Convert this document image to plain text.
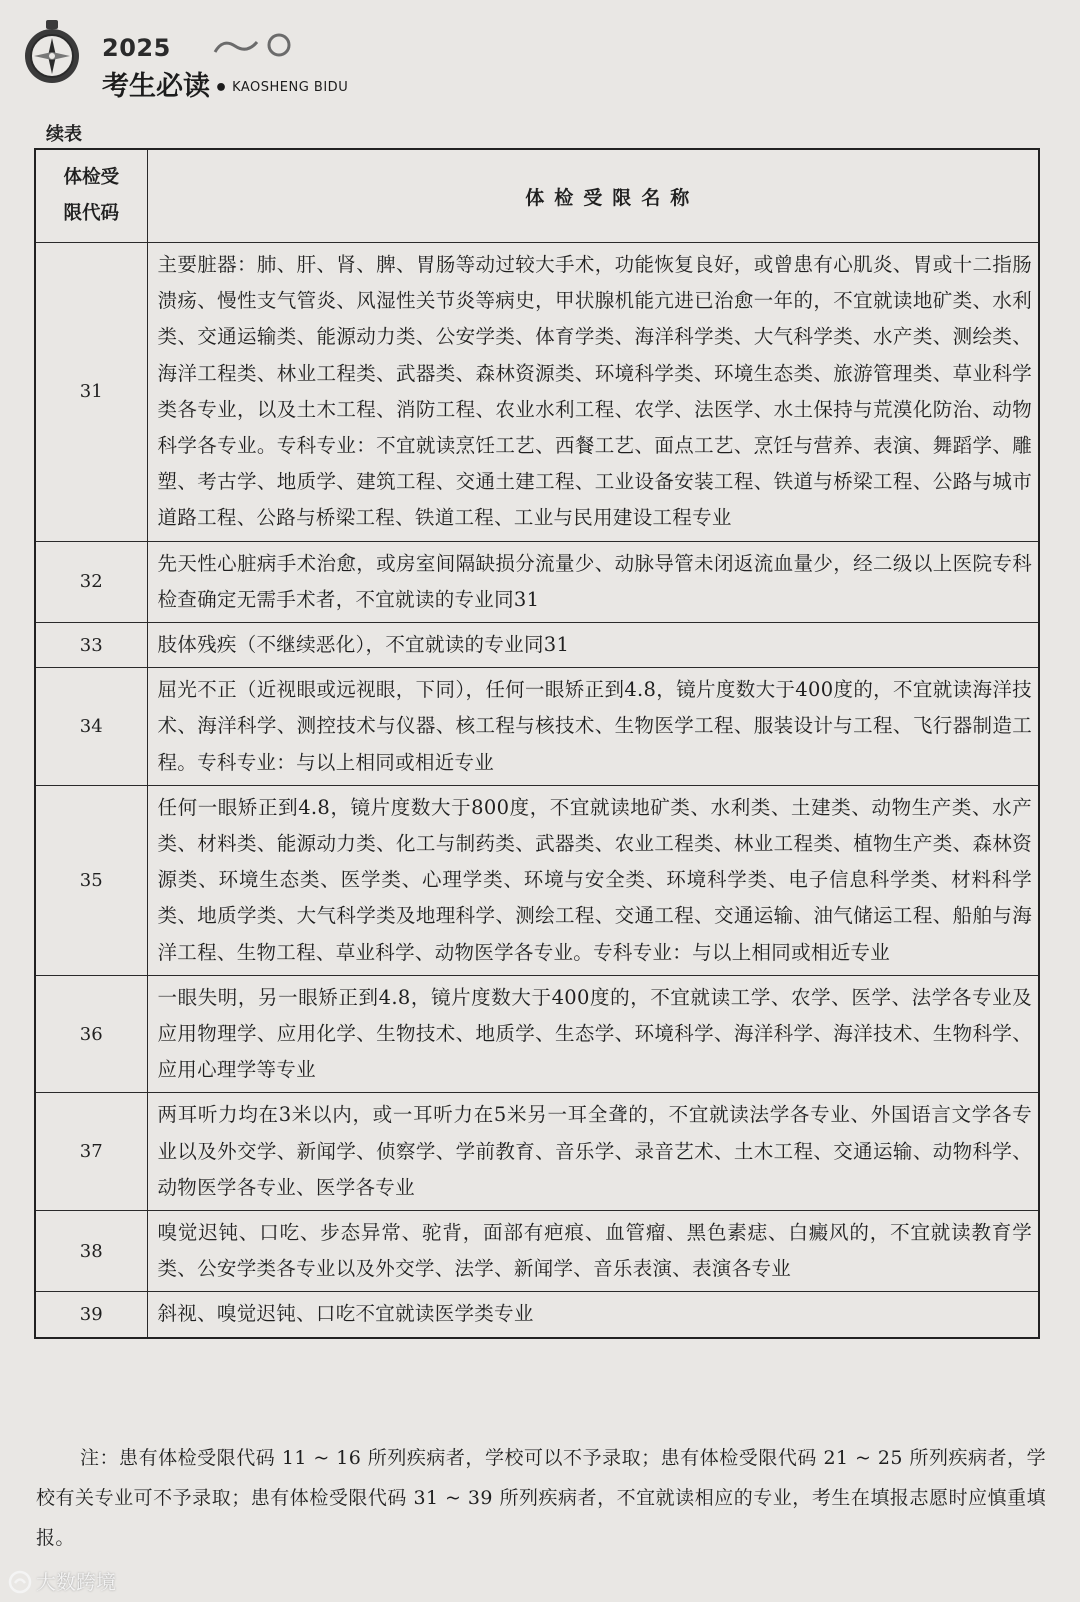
2025
考生必读 • KAOSHENG BIDU
续表
体检受
限代码	体检受限名称
31	主要脏器：肺、肝、肾、脾、胃肠等动过较大手术，功能恢复良好，或曾患有心肌炎、胃或十二指肠溃疡、慢性支气管炎、风湿性关节炎等病史，甲状腺机能亢进已治愈一年的，不宜就读地矿类、水利类、交通运输类、能源动力类、公安学类、体育学类、海洋科学类、大气科学类、水产类、测绘类、海洋工程类、林业工程类、武器类、森林资源类、环境科学类、环境生态类、旅游管理类、草业科学类各专业，以及土木工程、消防工程、农业水利工程、农学、法医学、水土保持与荒漠化防治、动物科学各专业。专科专业：不宜就读烹饪工艺、西餐工艺、面点工艺、烹饪与营养、表演、舞蹈学、雕塑、考古学、地质学、建筑工程、交通土建工程、工业设备安装工程、铁道与桥梁工程、公路与城市道路工程、公路与桥梁工程、铁道工程、工业与民用建设工程专业
32	先天性心脏病手术治愈，或房室间隔缺损分流量少、动脉导管未闭返流血量少，经二级以上医院专科检查确定无需手术者，不宜就读的专业同31
33	肢体残疾（不继续恶化），不宜就读的专业同31
34	屈光不正（近视眼或远视眼，下同），任何一眼矫正到4.8，镜片度数大于400度的，不宜就读海洋技术、海洋科学、测控技术与仪器、核工程与核技术、生物医学工程、服装设计与工程、飞行器制造工程。专科专业：与以上相同或相近专业
35	任何一眼矫正到4.8，镜片度数大于800度，不宜就读地矿类、水利类、土建类、动物生产类、水产类、材料类、能源动力类、化工与制药类、武器类、农业工程类、林业工程类、植物生产类、森林资源类、环境生态类、医学类、心理学类、环境与安全类、环境科学类、电子信息科学类、材料科学类、地质学类、大气科学类及地理科学、测绘工程、交通工程、交通运输、油气储运工程、船舶与海洋工程、生物工程、草业科学、动物医学各专业。专科专业：与以上相同或相近专业
36	一眼失明，另一眼矫正到4.8，镜片度数大于400度的，不宜就读工学、农学、医学、法学各专业及应用物理学、应用化学、生物技术、地质学、生态学、环境科学、海洋科学、海洋技术、生物科学、应用心理学等专业
37	两耳听力均在3米以内，或一耳听力在5米另一耳全聋的，不宜就读法学各专业、外国语言文学各专业以及外交学、新闻学、侦察学、学前教育、音乐学、录音艺术、土木工程、交通运输、动物科学、动物医学各专业、医学各专业
38	嗅觉迟钝、口吃、步态异常、驼背，面部有疤痕、血管瘤、黑色素痣、白癜风的，不宜就读教育学类、公安学类各专业以及外交学、法学、新闻学、音乐表演、表演各专业
39	斜视、嗅觉迟钝、口吃不宜就读医学类专业
注：患有体检受限代码 11 ~ 16 所列疾病者，学校可以不予录取；患有体检受限代码 21 ~ 25 所列疾病者，学校有关专业可不予录取；患有体检受限代码 31 ~ 39 所列疾病者，不宜就读相应的专业，考生在填报志愿时应慎重填报。
大数跨境
